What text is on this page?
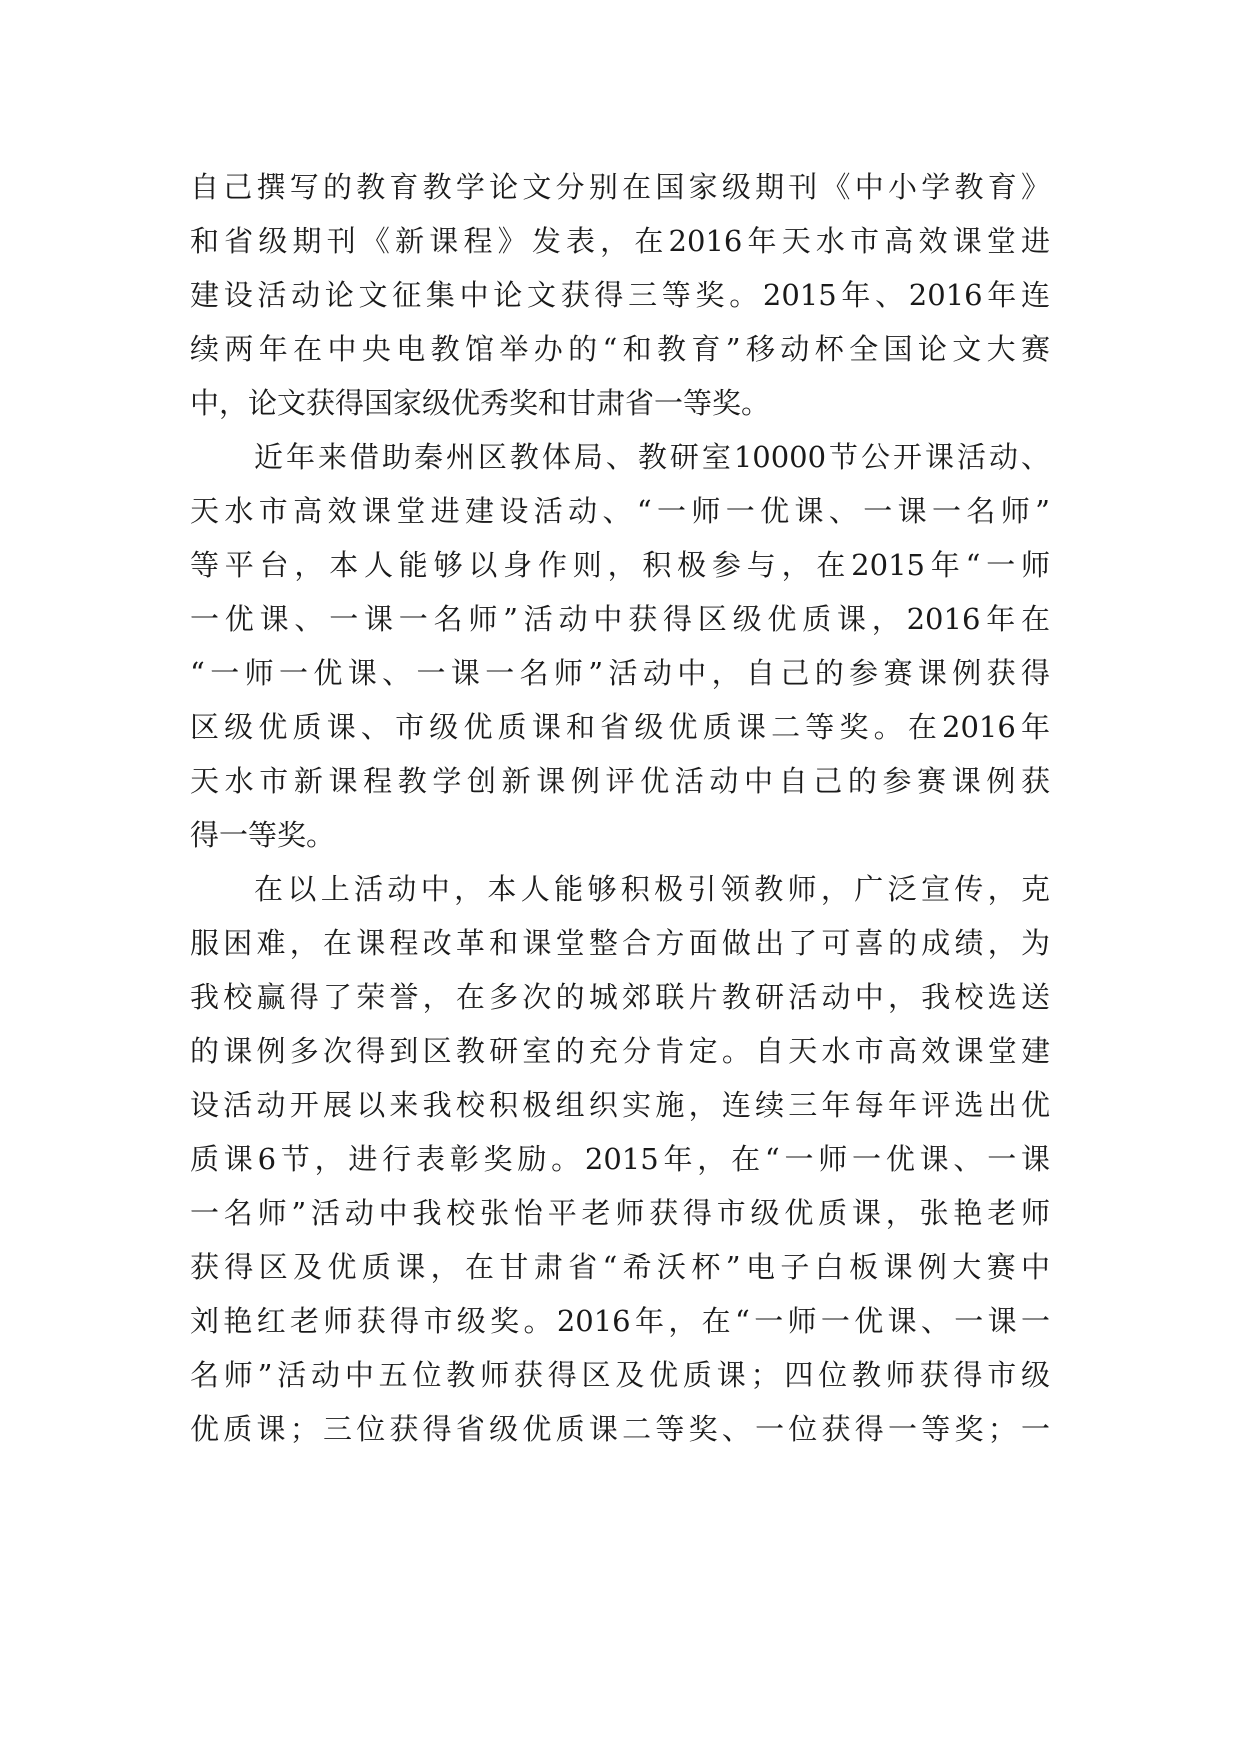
自己撰写的教育教学论文分别在国家级期刊《中小学教育》
和省级期刊《新课程》发表，在2016年天水市高效课堂进
建设活动论文征集中论文获得三等奖。2015年、2016年连
续两年在中央电教馆举办的“和教育”移动杯全国论文大赛
中，论文获得国家级优秀奖和甘肃省一等奖。
近年来借助秦州区教体局、教研室10000节公开课活动、
天水市高效课堂进建设活动、“一师一优课、一课一名师”
等平台，本人能够以身作则，积极参与，在2015年“一师
一优课、一课一名师”活动中获得区级优质课，2016年在
“一师一优课、一课一名师”活动中，自己的参赛课例获得
区级优质课、市级优质课和省级优质课二等奖。在2016年
天水市新课程教学创新课例评优活动中自己的参赛课例获
得一等奖。
在以上活动中，本人能够积极引领教师，广泛宣传，克
服困难，在课程改革和课堂整合方面做出了可喜的成绩，为
我校赢得了荣誉，在多次的城郊联片教研活动中，我校选送
的课例多次得到区教研室的充分肯定。自天水市高效课堂建
设活动开展以来我校积极组织实施，连续三年每年评选出优
质课6节，进行表彰奖励。2015年，在“一师一优课、一课
一名师”活动中我校张怡平老师获得市级优质课，张艳老师
获得区及优质课，在甘肃省“希沃杯”电子白板课例大赛中
刘艳红老师获得市级奖。2016年，在“一师一优课、一课一
名师”活动中五位教师获得区及优质课；四位教师获得市级
优质课；三位获得省级优质课二等奖、一位获得一等奖；一
